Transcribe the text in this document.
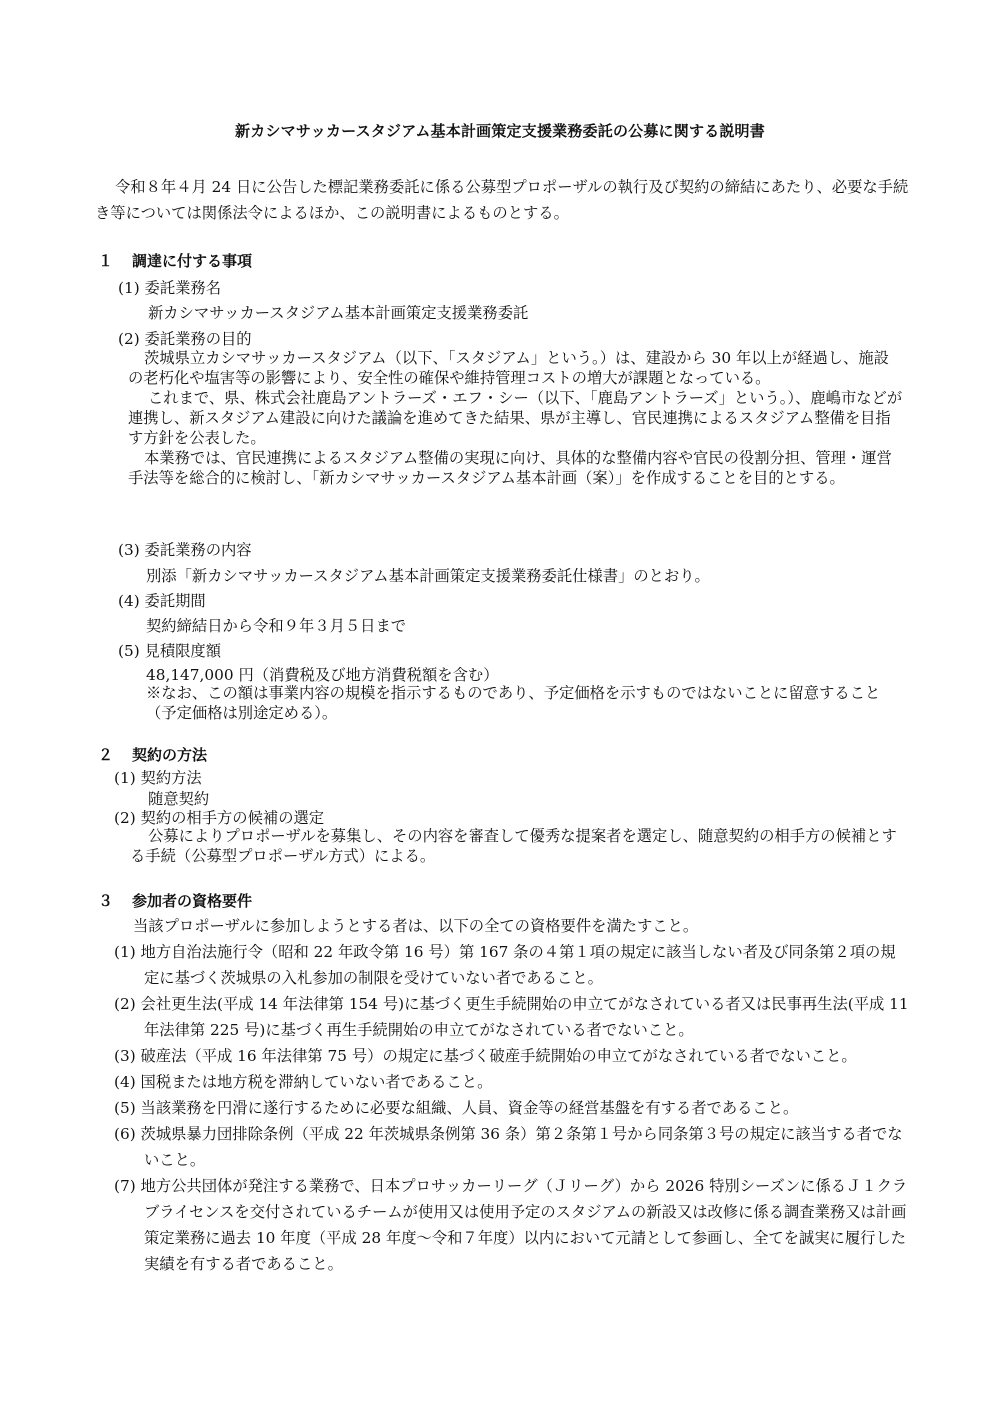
新カシマサッカースタジアム基本計画策定支援業務委託の公募に関する説明書
令和８年４月 24 日に公告した標記業務委託に係る公募型プロポーザルの執行及び契約の締結にあたり、必要な手続き等については関係法令によるほか、この説明書によるものとする。
１ 調達に付する事項
(1) 委託業務名
新カシマサッカースタジアム基本計画策定支援業務委託
(2) 委託業務の目的

茨城県立カシマサッカースタジアム（以下、「スタジアム」という。）は、建設から 30 年以上が経過し、施設の老朽化や塩害等の影響により、安全性の確保や維持管理コストの増大が課題となっている。

これまで、県、株式会社鹿島アントラーズ・エフ・シー（以下、「鹿島アントラーズ」という。）、鹿嶋市などが連携し、新スタジアム建設に向けた議論を進めてきた結果、県が主導し、官民連携によるスタジアム整備を目指す方針を公表した。

本業務では、官民連携によるスタジアム整備の実現に向け、具体的な整備内容や官民の役割分担、管理・運営手法等を総合的に検討し、「新カシマサッカースタジアム基本計画（案）」を作成することを目的とする。

(3) 委託業務の内容
別添「新カシマサッカースタジアム基本計画策定支援業務委託仕様書」のとおり。
(4) 委託期間
契約締結日から令和９年３月５日まで
(5) 見積限度額
48,147,000 円（消費税及び地方消費税額を含む）
※なお、この額は事業内容の規模を指示するものであり、予定価格を示すものではないことに留意すること（予定価格は別途定める）。
２ 契約の方法
(1) 契約方法
随意契約
(2) 契約の相手方の候補の選定
公募によりプロポーザルを募集し、その内容を審査して優秀な提案者を選定し、随意契約の相手方の候補とする手続（公募型プロポーザル方式）による。
３ 参加者の資格要件
当該プロポーザルに参加しようとする者は、以下の全ての資格要件を満たすこと。

(1) 地方自治法施行令（昭和 22 年政令第 16 号）第 167 条の４第１項の規定に該当しない者及び同条第２項の規定に基づく茨城県の入札参加の制限を受けていない者であること。

(2) 会社更生法(平成 14 年法律第 154 号)に基づく更生手続開始の申立てがなされている者又は民事再生法(平成 11 年法律第 225 号)に基づく再生手続開始の申立てがなされている者でないこと。

(3) 破産法（平成 16 年法律第 75 号）の規定に基づく破産手続開始の申立てがなされている者でないこと。

(4) 国税または地方税を滞納していない者であること。

(5) 当該業務を円滑に遂行するために必要な組織、人員、資金等の経営基盤を有する者であること。

(6) 茨城県暴力団排除条例（平成 22 年茨城県条例第 36 条）第２条第１号から同条第３号の規定に該当する者でないこと。

(7) 地方公共団体が発注する業務で、日本プロサッカーリーグ（Ｊリーグ）から 2026 特別シーズンに係るＪ１クラブライセンスを交付されているチームが使用又は使用予定のスタジアムの新設又は改修に係る調査業務又は計画策定業務に過去 10 年度（平成 28 年度～令和７年度）以内において元請として参画し、全てを誠実に履行した実績を有する者であること。
